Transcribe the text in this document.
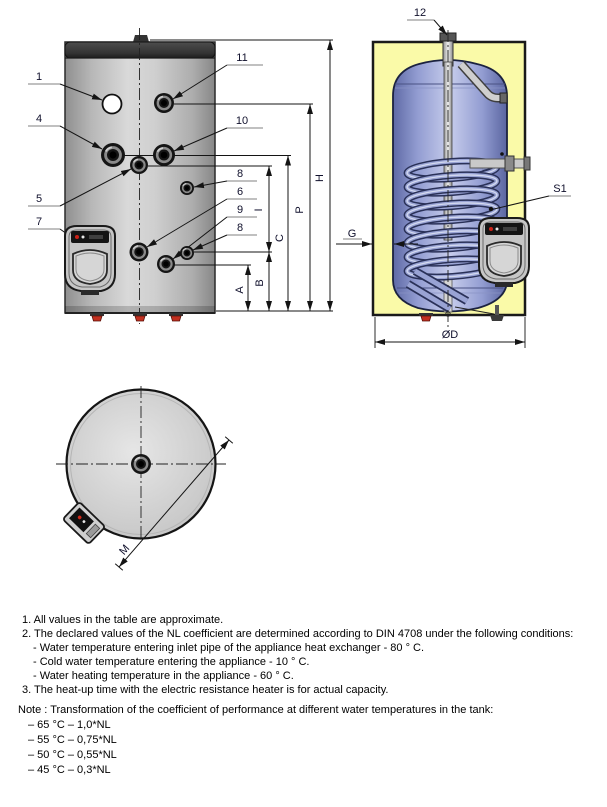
A
B
I
C
P
H
1
4
5
7
11
10
8
6
9
8
12
S1
G
ØD
M
1. All values in the table are approximate.
2. The declared values of the NL coefficient are determined according to DIN 4708 under the following conditions:
- Water temperature entering inlet pipe of the appliance heat exchanger - 80 ° C.
- Cold water temperature entering the appliance - 10 ° C.
- Water heating temperature in the appliance - 60 ° C.
3. The heat-up time with the electric resistance heater is for actual capacity.
Note : Transformation of the coefficient of performance at different water temperatures in the tank:
– 65 °C – 1,0*NL
– 55 °C – 0,75*NL
– 50 °C – 0,55*NL
– 45 °C – 0,3*NL
